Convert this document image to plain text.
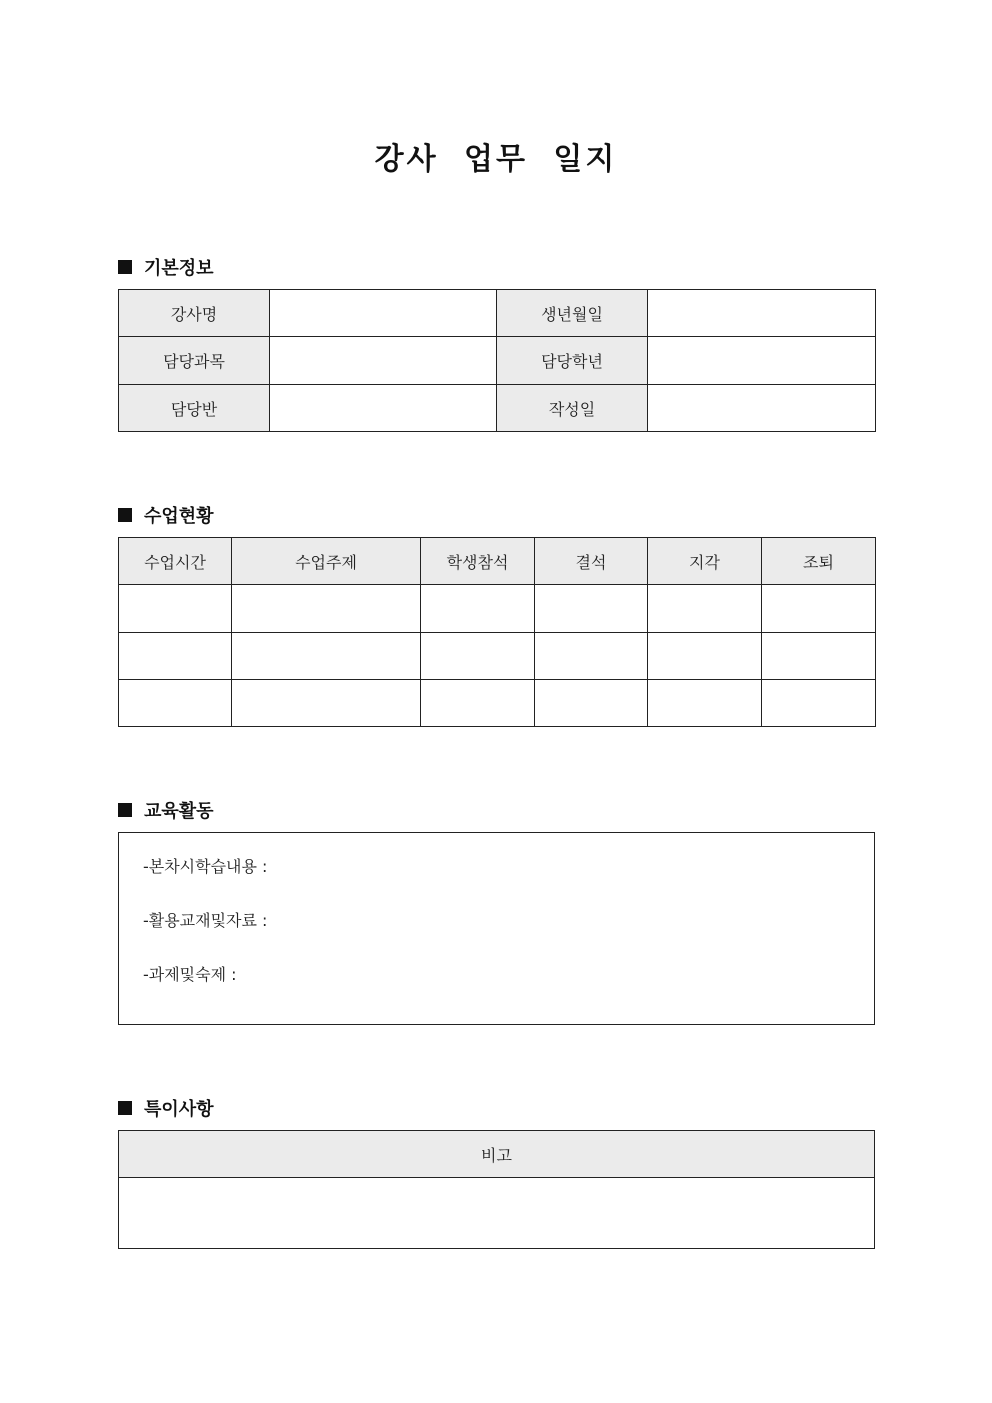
강사 업무 일지
기본정보
강사명		생년월일	
담당과목		담당학년	
담당반		작성일	
수업현황
수업시간	수업주제	학생참석	결석	지각	조퇴

교육활동
-본차시학습내용 :
-활용교재및자료 :
-과제및숙제 :
특이사항
비고
